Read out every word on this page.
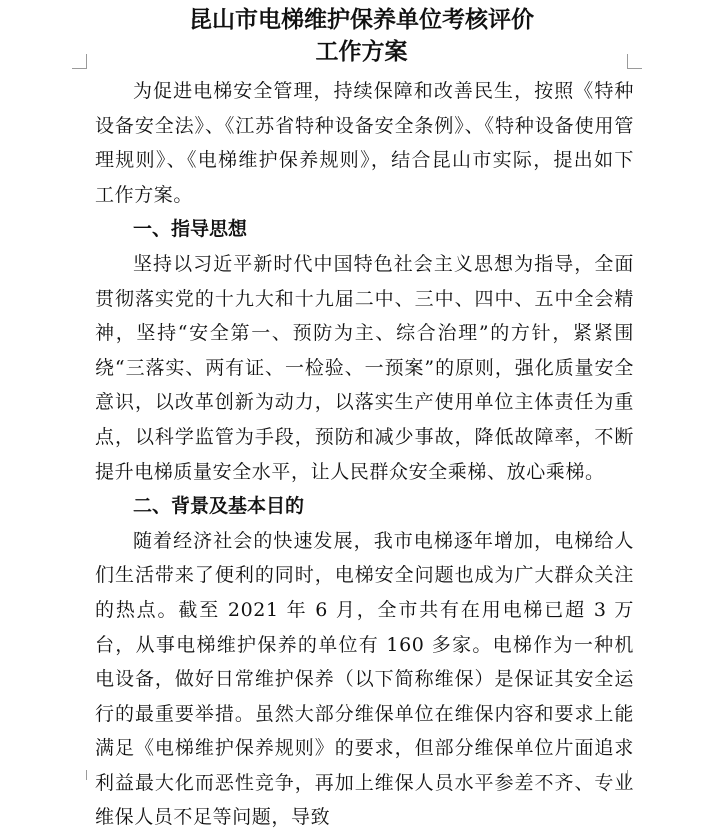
昆山市电梯维护保养单位考核评价
工作方案

为促进电梯安全管理，持续保障和改善民生，按照《特种设备安全法》、《江苏省特种设备安全条例》、《特种设备使用管理规则》、《电梯维护保养规则》，结合昆山市实际，提出如下工作方案。

一、指导思想

坚持以习近平新时代中国特色社会主义思想为指导，全面贯彻落实党的十九大和十九届二中、三中、四中、五中全会精神，坚持“安全第一、预防为主、综合治理”的方针，紧紧围绕“三落实、两有证、一检验、一预案”的原则，强化质量安全意识，以改革创新为动力，以落实生产使用单位主体责任为重点，以科学监管为手段，预防和减少事故，降低故障率，不断提升电梯质量安全水平，让人民群众安全乘梯、放心乘梯。

二、背景及基本目的

随着经济社会的快速发展，我市电梯逐年增加，电梯给人们生活带来了便利的同时，电梯安全问题也成为广大群众关注的热点。截至 2021 年 6 月，全市共有在用电梯已超 3 万台，从事电梯维护保养的单位有 160 多家。电梯作为一种机电设备，做好日常维护保养（以下简称维保）是保证其安全运行的最重要举措。虽然大部分维保单位在维保内容和要求上能满足《电梯维护保养规则》的要求，但部分维保单位片面追求利益最大化而恶性竞争，再加上维保人员水平参差不齐、专业维保人员不足等问题，导致
